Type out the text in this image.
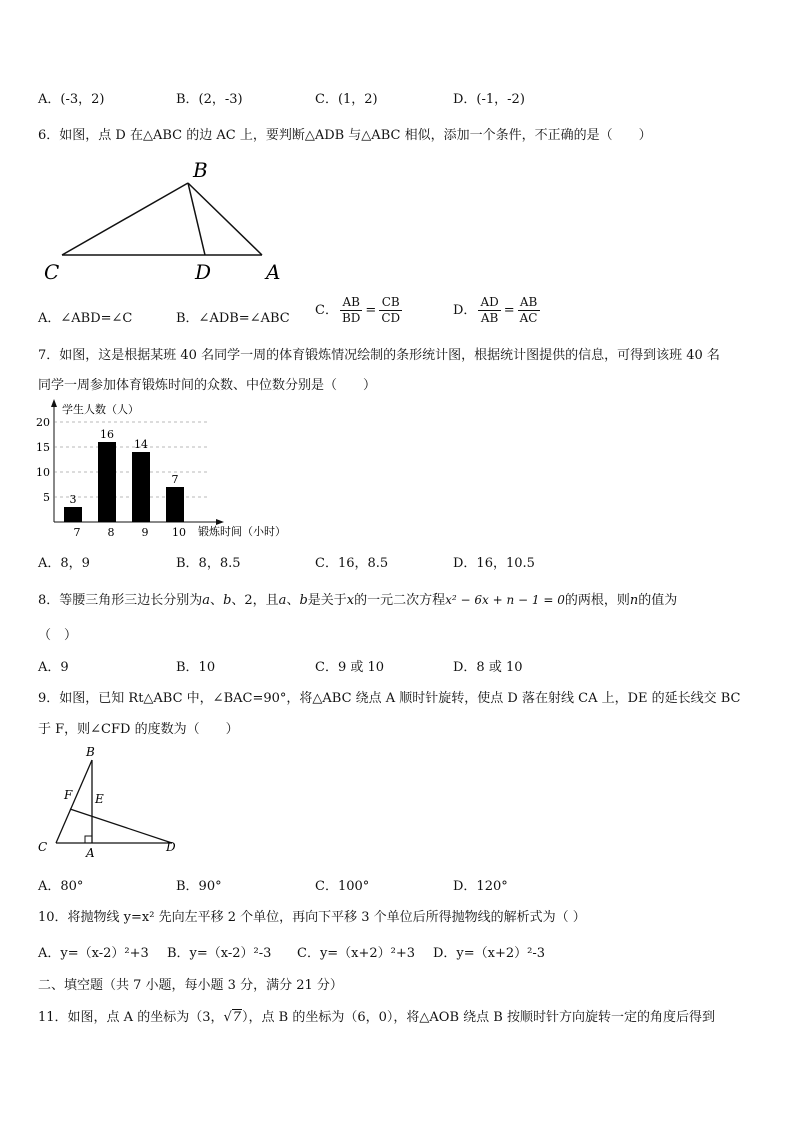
A．(-3，2)	B．(2，-3)	C．(1，2)	D．(-1，-2)
6．如图，点 D 在△ABC 的边 AC 上，要判断△ADB 与△ABC 相似，添加一个条件，不正确的是（　　）
B
C	D	A
A．∠ABD=∠C	B．∠ADB=∠ABC
C． $\frac{AB}{BD} = \frac{CB}{CD}$	D． $\frac{AD}{AB} = \frac{AB}{AC}$
7．如图，这是根据某班 40 名同学一周的体育锻炼情况绘制的条形统计图，根据统计图提供的信息，可得到该班 40 名
同学一周参加体育锻炼时间的众数、中位数分别是（　　）
学生人数（人）
锻炼时间（小时）
5
10
15
20
3
7
16
8
14
9
7
10
A．8，9	B．8，8.5	C．16，8.5	D．16，10.5
8．等腰三角形三边长分别为a、b、2，且a、b是关于x的一元二次方程x² − 6x + n − 1 = 0的两根，则n的值为
（　）
A．9	B．10	C．9 或 10	D．8 或 10
9．如图，已知 Rt△ABC 中，∠BAC=90°，将△ABC 绕点 A 顺时针旋转，使点 D 落在射线 CA 上，DE 的延长线交 BC
于 F，则∠CFD 的度数为（　　）
B
F E
C	A	D
A．80°	B．90°	C．100°	D．120°
10．将抛物线 y=x² 先向左平移 2 个单位，再向下平移 3 个单位后所得抛物线的解析式为（ ）
A．y=（x-2）²+3 B．y=（x-2）²-3 C．y=（x+2）²+3 D．y=（x+2）²-3
二、填空题（共 7 小题，每小题 3 分，满分 21 分）
11．如图，点 A 的坐标为（3，√7），点 B 的坐标为（6，0），将△AOB 绕点 B 按顺时针方向旋转一定的角度后得到
